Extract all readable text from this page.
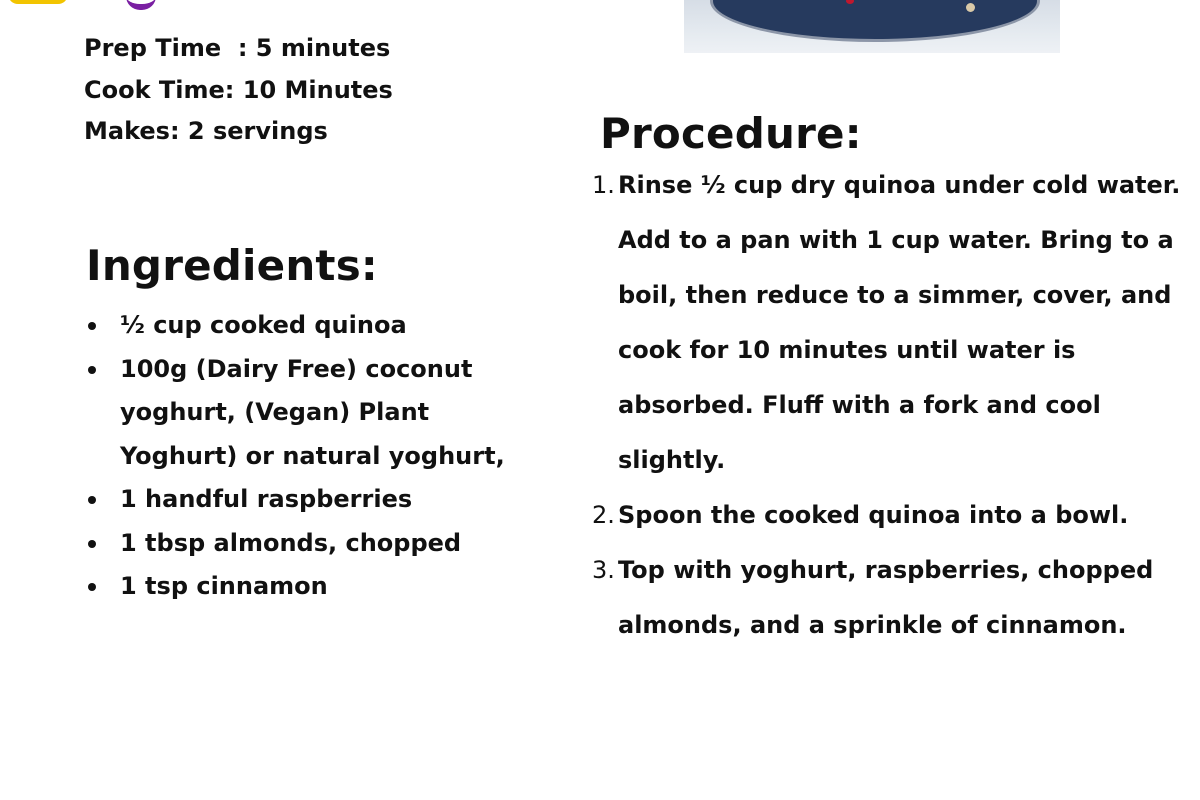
Prep Time  : 5 minutes
Cook Time: 10 Minutes
Makes: 2 servings
Ingredients:
½ cup cooked quinoa
100g (Dairy Free) coconut yoghurt, (Vegan) Plant Yoghurt) or natural yoghurt,
1 handful raspberries
1 tbsp almonds, chopped
1 tsp cinnamon
Procedure:
1. Rinse ½ cup dry quinoa under cold water. Add to a pan with 1 cup water. Bring to a boil, then reduce to a simmer, cover, and cook for 10 minutes until water is absorbed. Fluff with a fork and cool slightly.
2. Spoon the cooked quinoa into a bowl.
3. Top with yoghurt, raspberries, chopped almonds, and a sprinkle of cinnamon.
